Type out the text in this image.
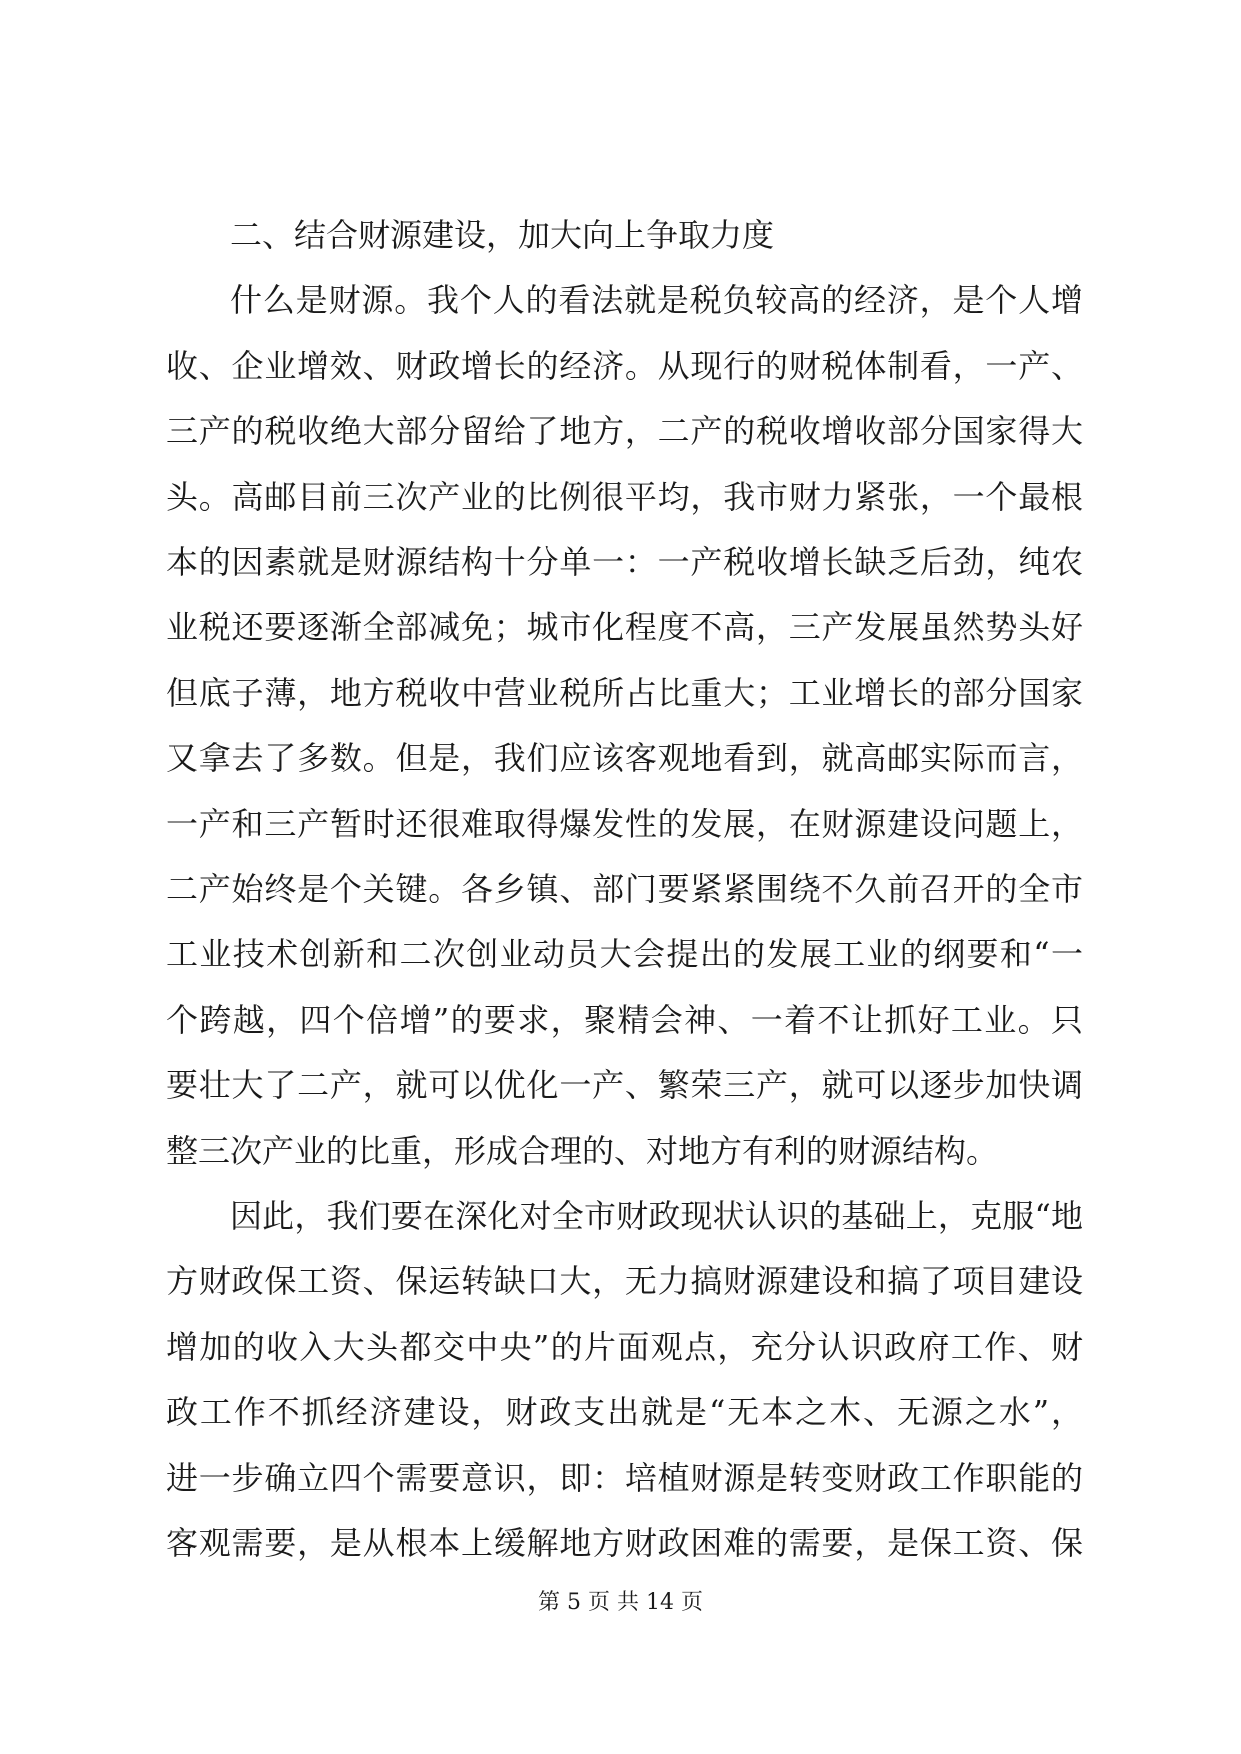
二、结合财源建设，加大向上争取力度
什么是财源。我个人的看法就是税负较高的经济，是个人增
收、企业增效、财政增长的经济。从现行的财税体制看，一产、
三产的税收绝大部分留给了地方，二产的税收增收部分国家得大
头。高邮目前三次产业的比例很平均，我市财力紧张，一个最根
本的因素就是财源结构十分单一：一产税收增长缺乏后劲，纯农
业税还要逐渐全部减免；城市化程度不高，三产发展虽然势头好
但底子薄，地方税收中营业税所占比重大；工业增长的部分国家
又拿去了多数。但是，我们应该客观地看到，就高邮实际而言，
一产和三产暂时还很难取得爆发性的发展，在财源建设问题上，
二产始终是个关键。各乡镇、部门要紧紧围绕不久前召开的全市
工业技术创新和二次创业动员大会提出的发展工业的纲要和“一
个跨越，四个倍增”的要求，聚精会神、一着不让抓好工业。只
要壮大了二产，就可以优化一产、繁荣三产，就可以逐步加快调
整三次产业的比重，形成合理的、对地方有利的财源结构。
因此，我们要在深化对全市财政现状认识的基础上，克服“地
方财政保工资、保运转缺口大，无力搞财源建设和搞了项目建设
增加的收入大头都交中央”的片面观点，充分认识政府工作、财
政工作不抓经济建设，财政支出就是“无本之木、无源之水”，
进一步确立四个需要意识，即：培植财源是转变财政工作职能的
客观需要，是从根本上缓解地方财政困难的需要，是保工资、保
第 5 页 共 14 页
